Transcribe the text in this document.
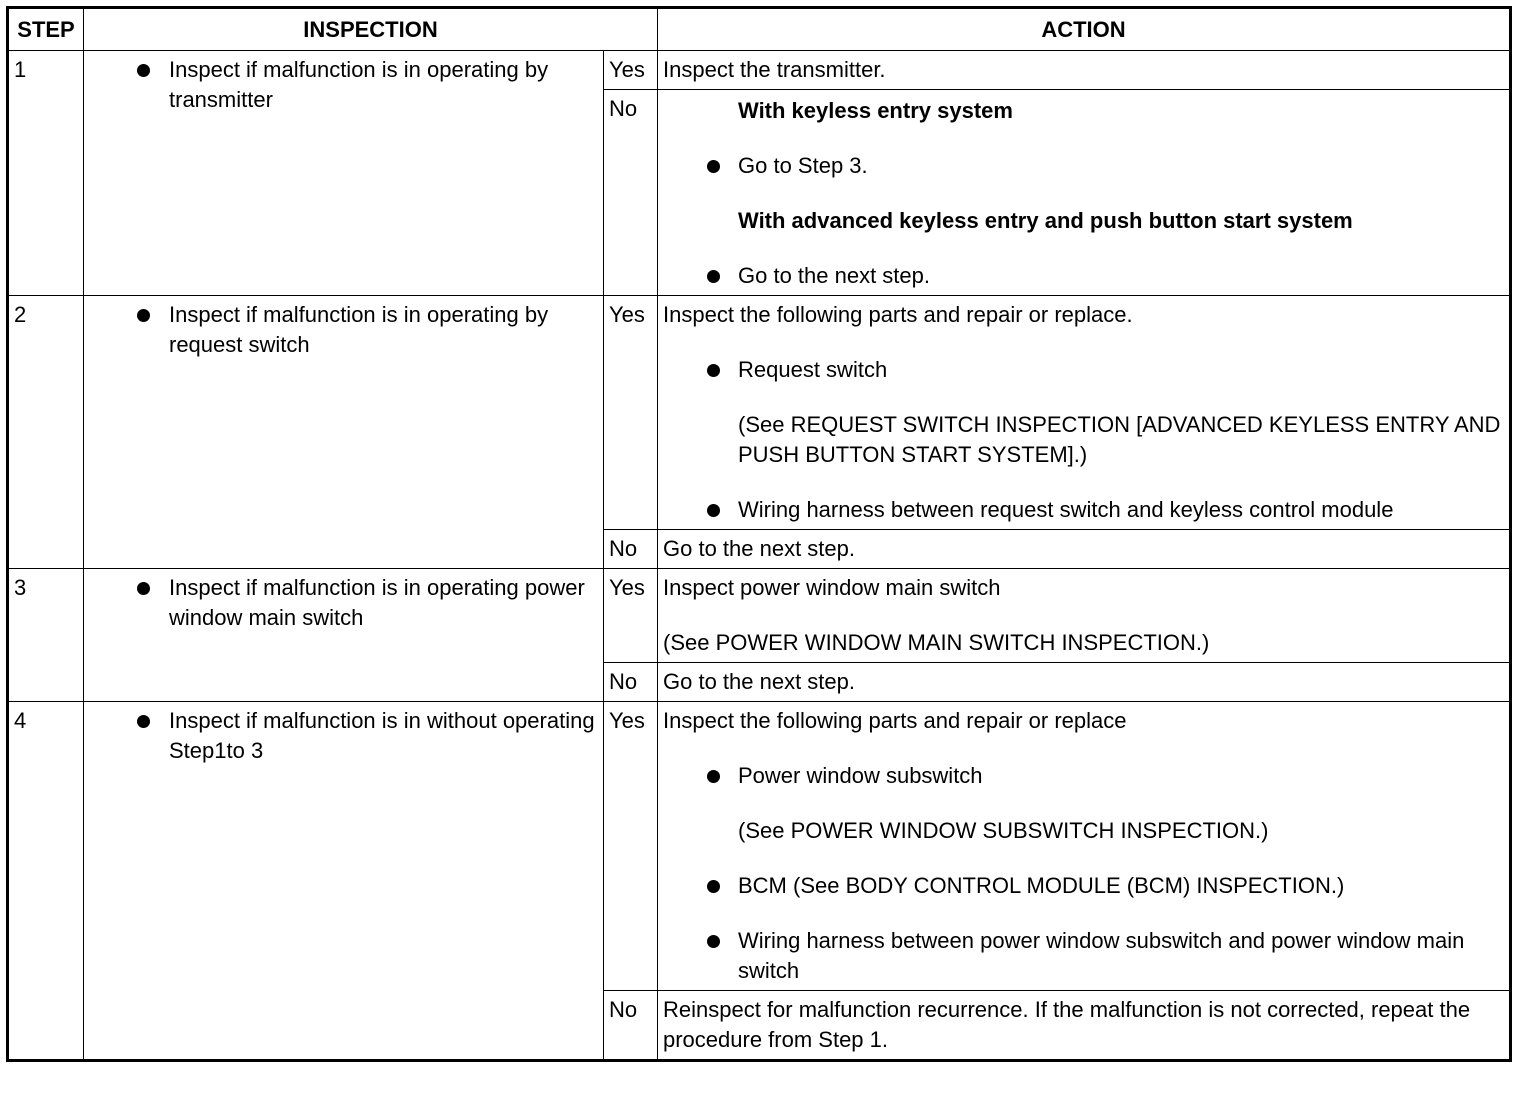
STEP	INSPECTION		ACTION
1	Inspect if malfunction is in operating by transmitter	Yes	Inspect the transmitter.

		No	With keyless entry system
Go to Step 3.
With advanced keyless entry and push button start system
Go to the next step.

2	Inspect if malfunction is in operating by request switch	Yes	Inspect the following parts and repair or replace.
Request switch
(See REQUEST SWITCH INSPECTION [ADVANCED KEYLESS ENTRY AND PUSH BUTTON START SYSTEM].)
Wiring harness between request switch and keyless control module

		No	Go to the next step.

3	Inspect if malfunction is in operating power window main switch	Yes	Inspect power window main switch
(See POWER WINDOW MAIN SWITCH INSPECTION.)

		No	Go to the next step.

4	Inspect if malfunction is in without operating Step1to 3	Yes	Inspect the following parts and repair or replace
Power window subswitch
(See POWER WINDOW SUBSWITCH INSPECTION.)
BCM (See BODY CONTROL MODULE (BCM) INSPECTION.)
Wiring harness between power window subswitch and power window main switch

		No	Reinspect for malfunction recurrence. If the malfunction is not corrected, repeat the procedure from Step 1.
